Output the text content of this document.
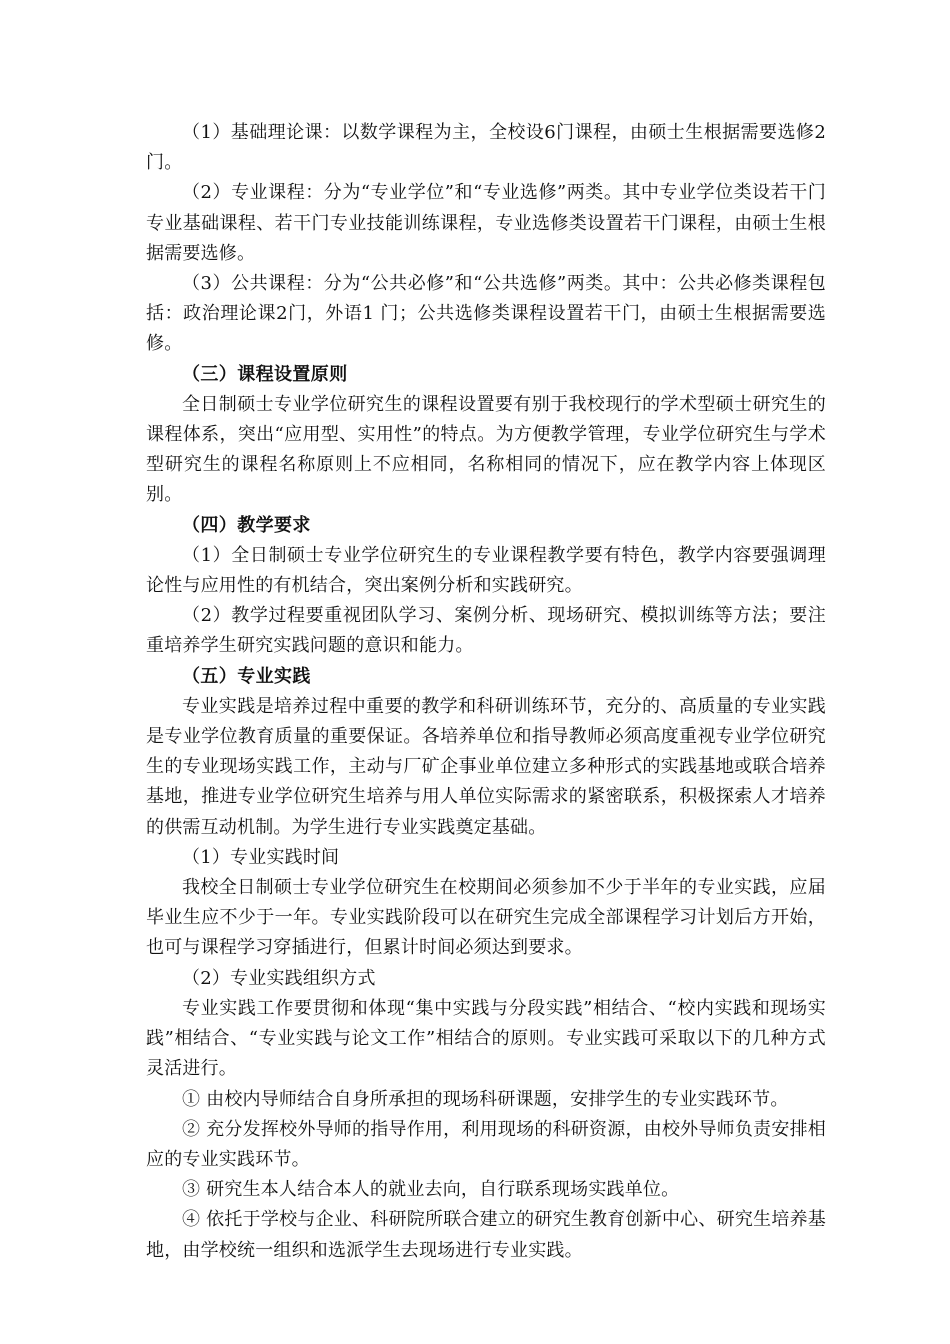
（1）基础理论课：以数学课程为主，全校设6门课程，由硕士生根据需要选修2门。

（2）专业课程：分为“专业学位”和“专业选修”两类。其中专业学位类设若干门专业基础课程、若干门专业技能训练课程，专业选修类设置若干门课程，由硕士生根据需要选修。

（3）公共课程：分为“公共必修”和“公共选修”两类。其中：公共必修类课程包括：政治理论课2门，外语1 门；公共选修类课程设置若干门，由硕士生根据需要选修。

（三）课程设置原则

全日制硕士专业学位研究生的课程设置要有别于我校现行的学术型硕士研究生的课程体系，突出“应用型、实用性”的特点。为方便教学管理，专业学位研究生与学术型研究生的课程名称原则上不应相同，名称相同的情况下，应在教学内容上体现区别。

（四）教学要求

（1）全日制硕士专业学位研究生的专业课程教学要有特色，教学内容要强调理论性与应用性的有机结合，突出案例分析和实践研究。

（2）教学过程要重视团队学习、案例分析、现场研究、模拟训练等方法；要注重培养学生研究实践问题的意识和能力。

（五）专业实践

专业实践是培养过程中重要的教学和科研训练环节，充分的、高质量的专业实践是专业学位教育质量的重要保证。各培养单位和指导教师必须高度重视专业学位研究生的专业现场实践工作，主动与厂矿企事业单位建立多种形式的实践基地或联合培养基地，推进专业学位研究生培养与用人单位实际需求的紧密联系，积极探索人才培养的供需互动机制。为学生进行专业实践奠定基础。

（1）专业实践时间

我校全日制硕士专业学位研究生在校期间必须参加不少于半年的专业实践，应届毕业生应不少于一年。专业实践阶段可以在研究生完成全部课程学习计划后方开始，也可与课程学习穿插进行，但累计时间必须达到要求。

（2）专业实践组织方式

专业实践工作要贯彻和体现“集中实践与分段实践”相结合、“校内实践和现场实践”相结合、“专业实践与论文工作”相结合的原则。专业实践可采取以下的几种方式灵活进行。

① 由校内导师结合自身所承担的现场科研课题，安排学生的专业实践环节。

② 充分发挥校外导师的指导作用，利用现场的科研资源，由校外导师负责安排相应的专业实践环节。

③ 研究生本人结合本人的就业去向，自行联系现场实践单位。

④ 依托于学校与企业、科研院所联合建立的研究生教育创新中心、研究生培养基地，由学校统一组织和选派学生去现场进行专业实践。
